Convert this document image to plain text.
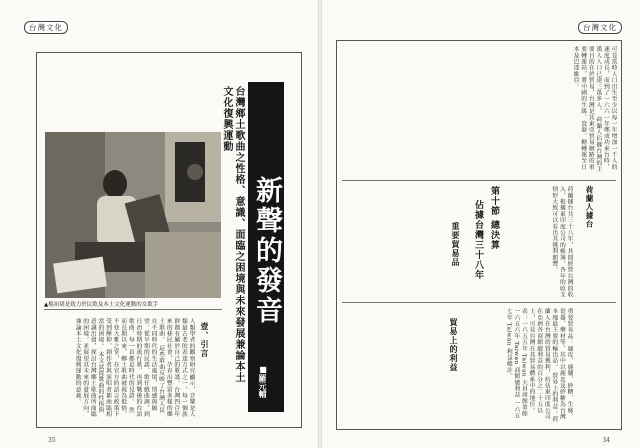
台灣文化
新聲的發音
■羅元輔
台灣鄉土歌曲之性格、意識、面臨之困境與未來發展兼論本土文化復興運動
▲楊祖珺是致力於民歌及本土文化運動的女歌手
壹、引言
人類學者的觀察研究顯示，音樂是人類最古老的表達方式之一，每一個族群都有屬於自己的歌謠。台灣四百年來的移民社會，孕育出豐富多樣的鄉土歌曲。 這些歌曲反映了台灣人民在不同時代的生活處境、情感與願望。從早期的民謠、歌仔戲曲調，到日治時期的流行歌，再到戰後的台語歌曲，每一首都是時代的見證。 然而長期以來，鄉土歌曲被視為低俗、不登大雅之堂，在官方的語言政策下受到壓抑，創作者與演唱者都面臨相當的困境。 本文試從歌曲的性格與意識出發，探討台灣鄉土歌曲所面臨的困境，並展望其未來的發展方向，兼論本土文化復興運動的意義。
35
台灣文化
可見當時人口出生至少以每一年增加一千人的速度成長，而到了一六六一年鄭成功來台時，漢人人口已達三萬多人。 荷蘭人佔據台灣的主要目的在於貿易，台灣是其東亞貿易網路的重要轉運站，將中國的生絲、瓷器、糖轉運至日本及巴達維亞。
荷蘭人據台
荷蘭據台共三十八年，其間經營台灣的收入，根據東印度公司的帳簿，各年的收支情形大致可以看出其獲利頗豐。
第十節 總決算
佔據台灣三十八年
重要貿易品
重要貿易品：鹿皮、鹿脯、砂糖、生絲、瓷器、藥材等，其中以鹿皮及砂糖為台灣本地最主要的輸出品。 貿易上的利益：荷蘭人在台灣的貿易獲利，約佔東印度公司在亞洲各商館總利益的百分之二十五以上，可見台灣在其貿易體系中的地位。 表：一六五五年 Taiwan 大員商館盈餘 一六五六年 Taiwan 商館總利益 一六五七年 Taiwan 利益總計。
貿易上的利益
34
